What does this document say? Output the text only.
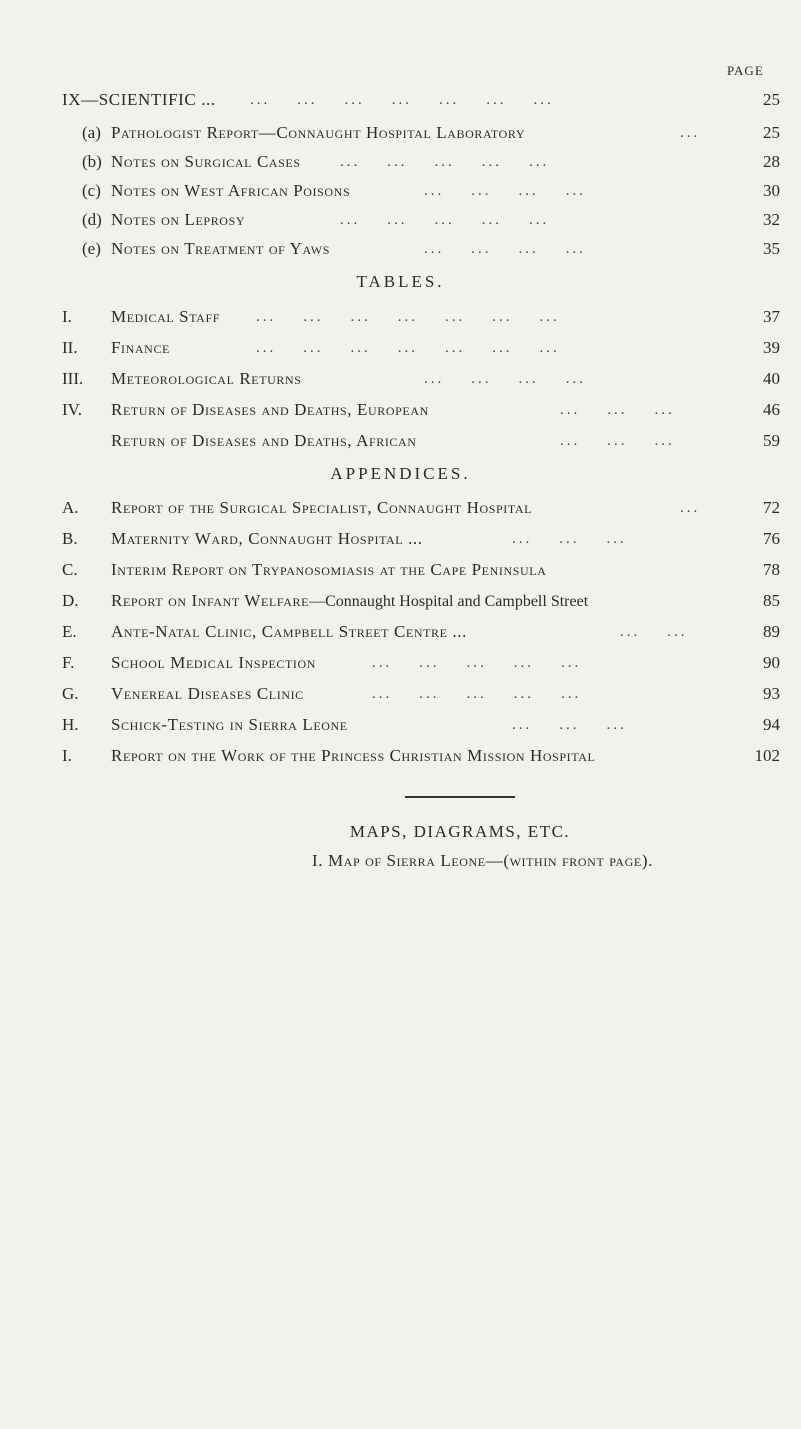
PAGE
IX—SCIENTIFIC ... ...    ...    ...    ...    ...    ...    ...	25
(a) Pathologist Report—Connaught Hospital Laboratory	...	25
(b) Notes on Surgical Cases	...    ...    ...    ...    ...	28
(c) Notes on West African Poisons	...    ...    ...    ...	30
(d) Notes on Leprosy	...    ...    ...    ...    ...	32
(e) Notes on Treatment of Yaws	...    ...    ...    ...	35
TABLES.
I. Medical Staff ...    ...    ...    ...    ...    ...    ...	37
II. Finance	...    ...    ...    ...    ...    ...    ...	39
III. Meteorological Returns	...    ...    ...    ...	40
IV. Return of Diseases and Deaths, European	...    ...    ...	46
Return of Diseases and Deaths, African	...    ...    ...	59
APPENDICES.
A. Report of the Surgical Specialist, Connaught Hospital	...	72
B. Maternity Ward, Connaught Hospital ...	...    ...    ...	76
C. Interim Report on Trypanosomiasis at the Cape Peninsula	78
D. Report on Infant Welfare—Connaught Hospital and Campbell Street	85
E. Ante-Natal Clinic, Campbell Street Centre ...	...    ...	89
F. School Medical Inspection	...    ...    ...    ...    ...	90
G. Venereal Diseases Clinic	...    ...    ...    ...    ...	93
H. Schick-Testing in Sierra Leone	...    ...    ...	94
I. Report on the Work of the Princess Christian Mission Hospital	102
MAPS, DIAGRAMS, ETC.
I. Map of Sierra Leone—(within front page).
